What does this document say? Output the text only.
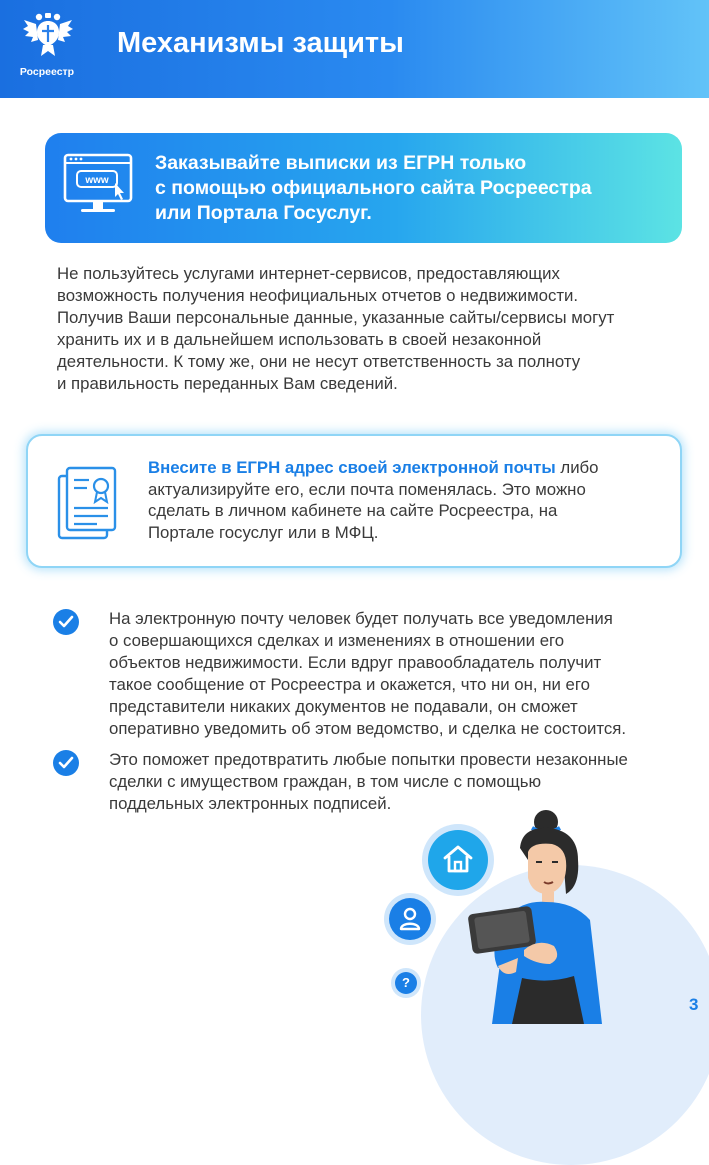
Росреестр
Механизмы защиты
www
Заказывайте выписки из ЕГРН только
с помощью официального сайта Росреестра
или Портала Госуслуг.
Не пользуйтесь услугами интернет-сервисов, предоставляющих
возможность получения неофициальных отчетов о недвижимости.
Получив Ваши персональные данные, указанные сайты/сервисы могут
хранить их и в дальнейшем использовать в своей незаконной
деятельности. К тому же, они не несут ответственность за полноту
и правильность переданных Вам сведений.
Внесите в ЕГРН адрес своей электронной почты либо
актуализируйте его, если почта поменялась. Это можно
сделать в личном кабинете на сайте Росреестра, на
Портале госуслуг или в МФЦ.
На электронную почту человек будет получать все уведомления
о совершающихся сделках и изменениях в отношении его
объектов недвижимости. Если вдруг правообладатель получит
такое сообщение от Росреестра и окажется, что ни он, ни его
представители никаких документов не подавали, он сможет
оперативно уведомить об этом ведомство, и сделка не состоится.
Это поможет предотвратить любые попытки провести незаконные
сделки с имуществом граждан, в том числе с помощью
поддельных электронных подписей.
?
3
